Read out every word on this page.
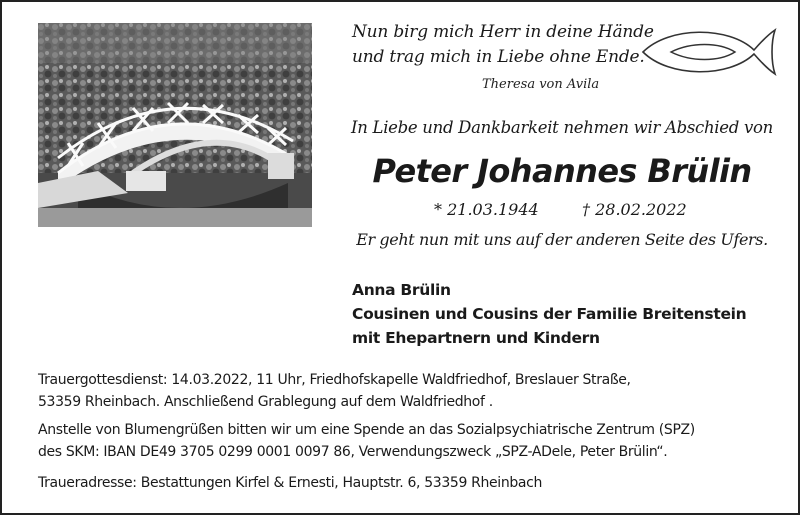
Nun birg mich Herr in deine Hände
und trag mich in Liebe ohne Ende.
Theresa von Avila
In Liebe und Dankbarkeit nehmen wir Abschied von
Peter Johannes Brülin
* 21.03.1944	† 28.02.2022
Er geht nun mit uns auf der anderen Seite des Ufers.
Anna Brülin
Cousinen und Cousins der Familie Breitenstein
mit Ehepartnern und Kindern
Trauergottesdienst: 14.03.2022, 11 Uhr, Friedhofskapelle Waldfriedhof, Breslauer Straße,
53359 Rheinbach. Anschließend Grablegung auf dem Waldfriedhof .
Anstelle von Blumengrüßen bitten wir um eine Spende an das Sozialpsychiatrische Zentrum (SPZ)
des SKM: IBAN DE49 3705 0299 0001 0097 86, Verwendungszweck „SPZ-ADele, Peter Brülin“.
Traueradresse: Bestattungen Kirfel & Ernesti, Hauptstr. 6, 53359 Rheinbach
